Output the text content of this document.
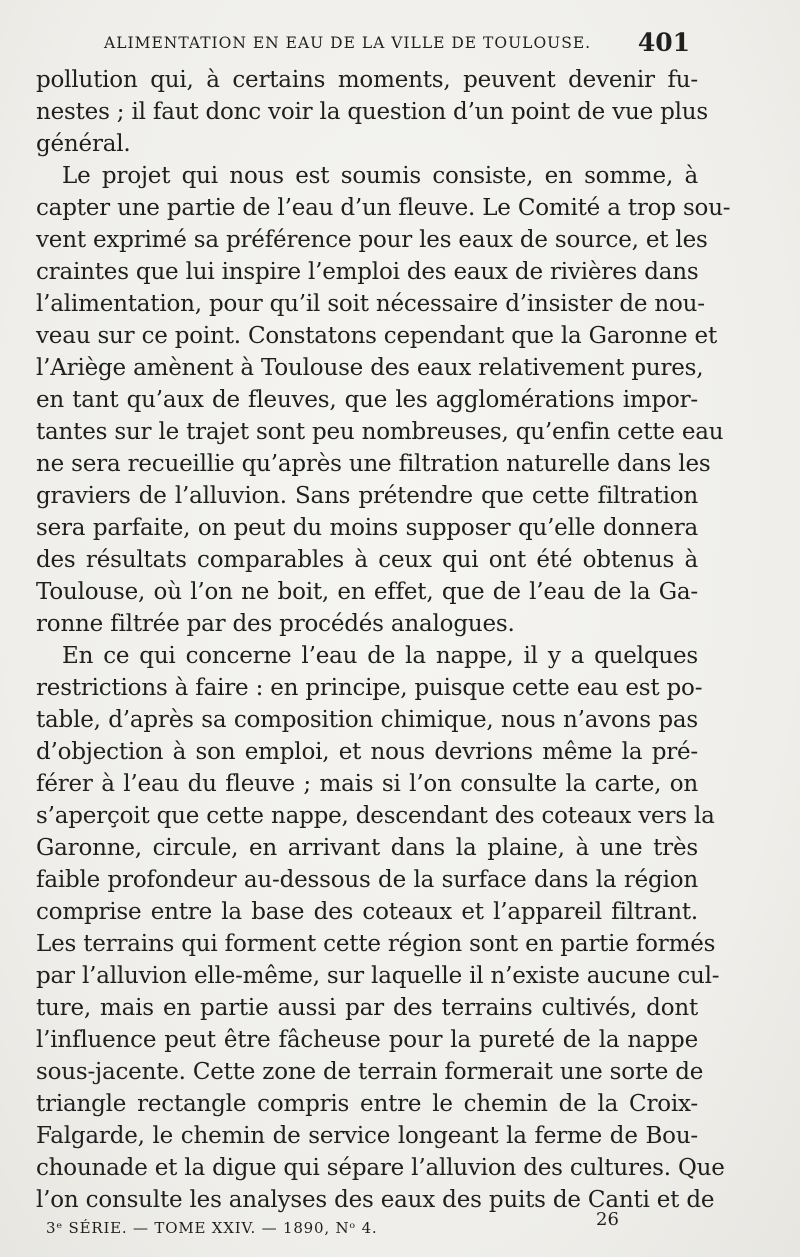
ALIMENTATION EN EAU DE LA VILLE DE TOULOUSE. 401
pollution qui, à certains moments, peuvent devenir fu-
nestes ; il faut donc voir la question d’un point de vue plus
général.
Le projet qui nous est soumis consiste, en somme, à
capter une partie de l’eau d’un fleuve. Le Comité a trop sou-
vent exprimé sa préférence pour les eaux de source, et les
craintes que lui inspire l’emploi des eaux de rivières dans
l’alimentation, pour qu’il soit nécessaire d’insister de nou-
veau sur ce point. Constatons cependant que la Garonne et
l’Ariège amènent à Toulouse des eaux relativement pures,
en tant qu’aux de fleuves, que les agglomérations impor-
tantes sur le trajet sont peu nombreuses, qu’enfin cette eau
ne sera recueillie qu’après une filtration naturelle dans les
graviers de l’alluvion. Sans prétendre que cette filtration
sera parfaite, on peut du moins supposer qu’elle donnera
des résultats comparables à ceux qui ont été obtenus à
Toulouse, où l’on ne boit, en effet, que de l’eau de la Ga-
ronne filtrée par des procédés analogues.
En ce qui concerne l’eau de la nappe, il y a quelques
restrictions à faire : en principe, puisque cette eau est po-
table, d’après sa composition chimique, nous n’avons pas
d’objection à son emploi, et nous devrions même la pré-
férer à l’eau du fleuve ; mais si l’on consulte la carte, on
s’aperçoit que cette nappe, descendant des coteaux vers la
Garonne, circule, en arrivant dans la plaine, à une très
faible profondeur au-dessous de la surface dans la région
comprise entre la base des coteaux et l’appareil filtrant.
Les terrains qui forment cette région sont en partie formés
par l’alluvion elle-même, sur laquelle il n’existe aucune cul-
ture, mais en partie aussi par des terrains cultivés, dont
l’influence peut être fâcheuse pour la pureté de la nappe
sous-jacente. Cette zone de terrain formerait une sorte de
triangle rectangle compris entre le chemin de la Croix-
Falgarde, le chemin de service longeant la ferme de Bou-
chounade et la digue qui sépare l’alluvion des cultures. Que
l’on consulte les analyses des eaux des puits de Canti et de
3ᵉ SÉRIE. — TOME XXIV. — 1890, Nᵒ 4.	26
